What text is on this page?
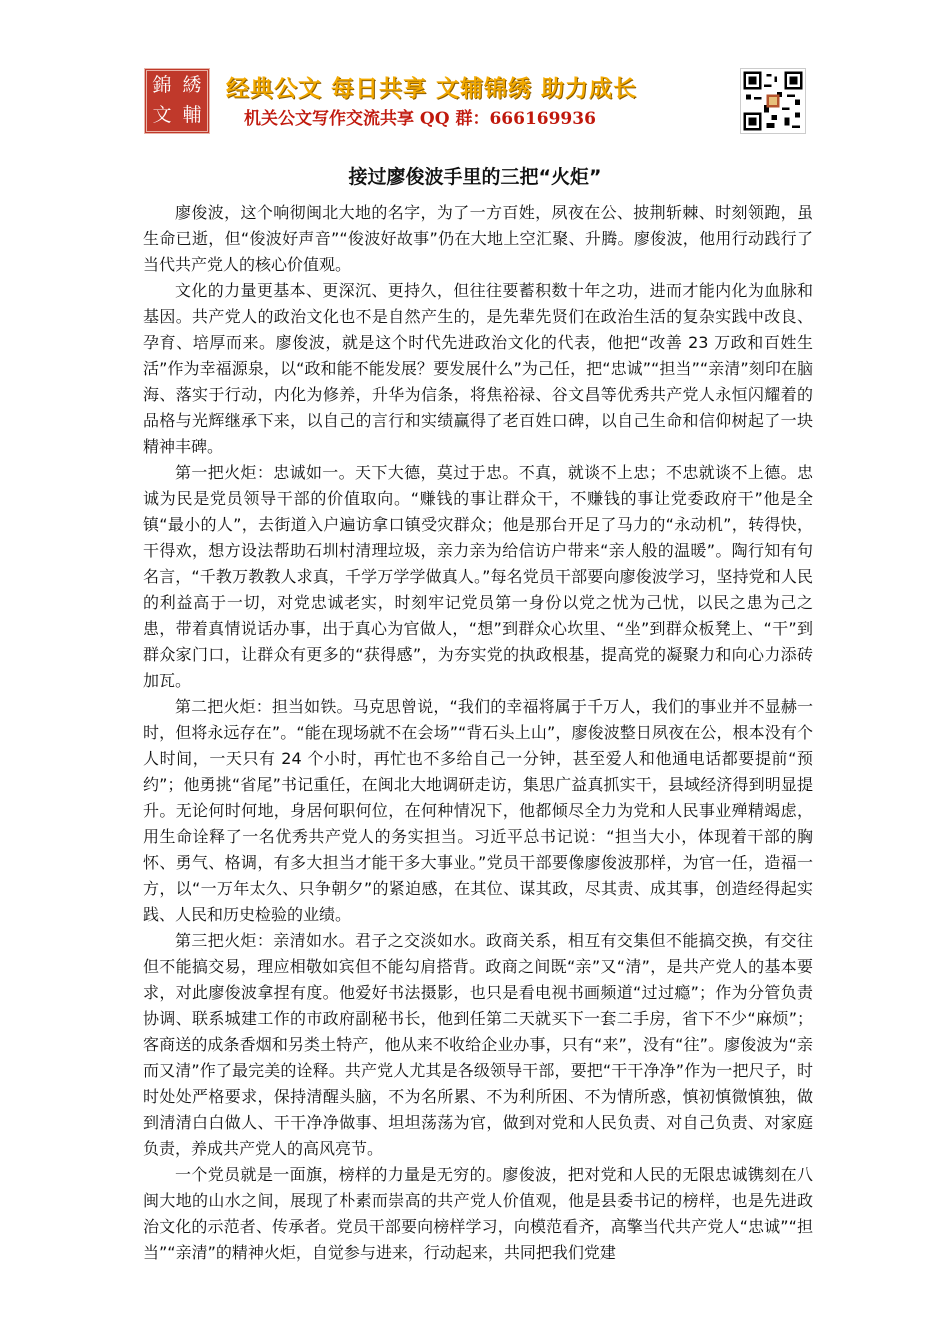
錦 綉
文 輔
经典公文 每日共享 文辅锦绣 助力成长
机关公文写作交流共享 QQ 群：666169936
接过廖俊波手里的三把“火炬”

廖俊波，这个响彻闽北大地的名字，为了一方百姓，夙夜在公、披荆斩棘、时刻领跑，虽生命已逝，但“俊波好声音”“俊波好故事”仍在大地上空汇聚、升腾。廖俊波，他用行动践行了当代共产党人的核心价值观。

文化的力量更基本、更深沉、更持久，但往往要蓄积数十年之功，进而才能内化为血脉和基因。共产党人的政治文化也不是自然产生的，是先辈先贤们在政治生活的复杂实践中改良、孕育、培厚而来。廖俊波，就是这个时代先进政治文化的代表，他把“改善 23 万政和百姓生活”作为幸福源泉，以“政和能不能发展？要发展什么”为己任，把“忠诚”“担当”“亲清”刻印在脑海、落实于行动，内化为修养，升华为信条，将焦裕禄、谷文昌等优秀共产党人永恒闪耀着的品格与光辉继承下来，以自己的言行和实绩赢得了老百姓口碑，以自己生命和信仰树起了一块精神丰碑。

第一把火炬：忠诚如一。天下大德，莫过于忠。不真，就谈不上忠；不忠就谈不上德。忠诚为民是党员领导干部的价值取向。“赚钱的事让群众干，不赚钱的事让党委政府干”他是全镇“最小的人”，去街道入户遍访拿口镇受灾群众；他是那台开足了马力的“永动机”，转得快，干得欢，想方设法帮助石圳村清理垃圾，亲力亲为给信访户带来“亲人般的温暖”。陶行知有句名言，“千教万教教人求真，千学万学学做真人。”每名党员干部要向廖俊波学习，坚持党和人民的利益高于一切，对党忠诚老实，时刻牢记党员第一身份以党之忧为己忧，以民之患为己之患，带着真情说话办事，出于真心为官做人，“想”到群众心坎里、“坐”到群众板凳上、“干”到群众家门口，让群众有更多的“获得感”，为夯实党的执政根基，提高党的凝聚力和向心力添砖加瓦。

第二把火炬：担当如铁。马克思曾说，“我们的幸福将属于千万人，我们的事业并不显赫一时，但将永远存在”。“能在现场就不在会场”“背石头上山”，廖俊波整日夙夜在公，根本没有个人时间，一天只有 24 个小时，再忙也不多给自己一分钟，甚至爱人和他通电话都要提前“预约”；他勇挑“省尾”书记重任，在闽北大地调研走访，集思广益真抓实干，县域经济得到明显提升。无论何时何地，身居何职何位，在何种情况下，他都倾尽全力为党和人民事业殚精竭虑，用生命诠释了一名优秀共产党人的务实担当。习近平总书记说：“担当大小，体现着干部的胸怀、勇气、格调，有多大担当才能干多大事业。”党员干部要像廖俊波那样，为官一任，造福一方，以“一万年太久、只争朝夕”的紧迫感，在其位、谋其政，尽其责、成其事，创造经得起实践、人民和历史检验的业绩。

第三把火炬：亲清如水。君子之交淡如水。政商关系，相互有交集但不能搞交换，有交往但不能搞交易，理应相敬如宾但不能勾肩搭背。政商之间既“亲”又“清”，是共产党人的基本要求，对此廖俊波拿捏有度。他爱好书法摄影，也只是看电视书画频道“过过瘾”；作为分管负责协调、联系城建工作的市政府副秘书长，他到任第二天就买下一套二手房，省下不少“麻烦”；客商送的成条香烟和另类土特产，他从来不收给企业办事，只有“来”，没有“往”。廖俊波为“亲而又清”作了最完美的诠释。共产党人尤其是各级领导干部，要把“干干净净”作为一把尺子，时时处处严格要求，保持清醒头脑，不为名所累、不为利所困、不为情所惑，慎初慎微慎独，做到清清白白做人、干干净净做事、坦坦荡荡为官，做到对党和人民负责、对自己负责、对家庭负责，养成共产党人的高风亮节。

一个党员就是一面旗，榜样的力量是无穷的。廖俊波，把对党和人民的无限忠诚镌刻在八闽大地的山水之间，展现了朴素而崇高的共产党人价值观，他是县委书记的榜样，也是先进政治文化的示范者、传承者。党员干部要向榜样学习，向模范看齐，高擎当代共产党人“忠诚”“担当”“亲清”的精神火炬，自觉参与进来，行动起来，共同把我们党建
